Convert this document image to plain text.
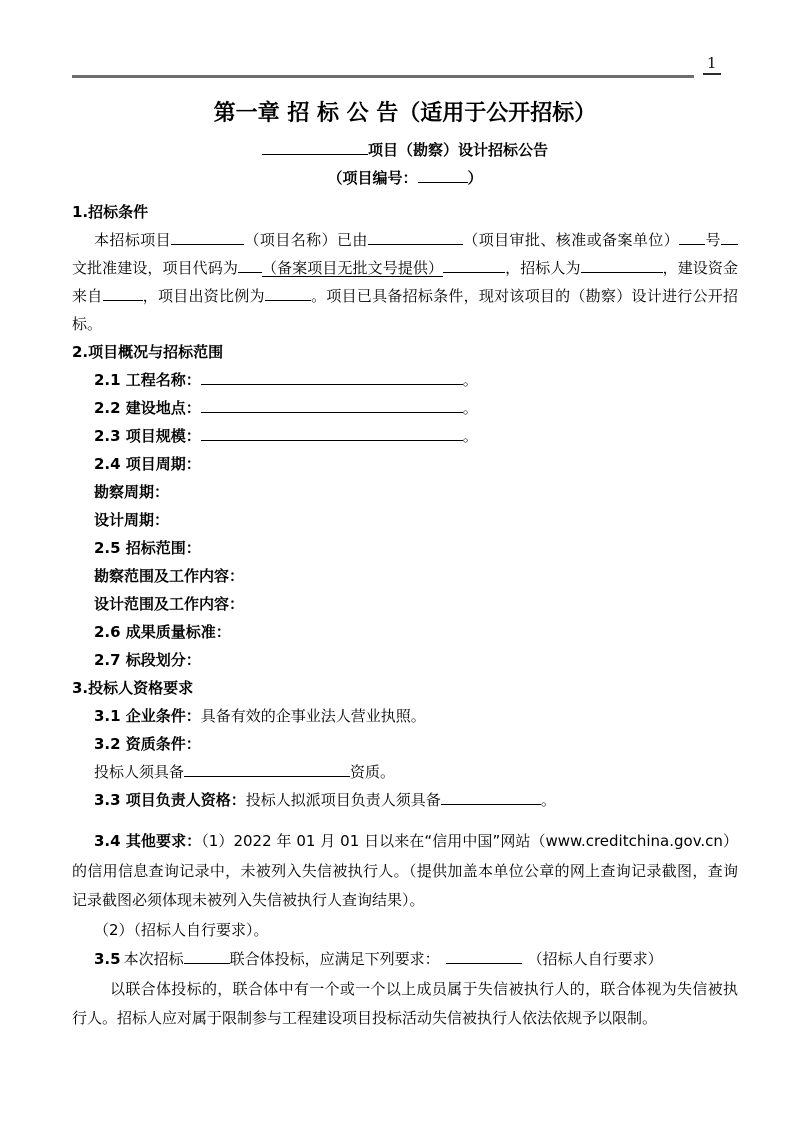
1
第一章 招 标 公 告（适用于公开招标）
项目（勘察）设计招标公告
（项目编号：	）
1.招标条件

本招标项目	（项目名称）已由	（项目审批、核准或备案单位） 号文批准建设，项目代码为 （备案项目无批文号提供）	，招标人为	，建设资金来自	，项目出资比例为	。项目已具备招标条件，现对该项目的（勘察）设计进行公开招标。

2.项目概况与招标范围
2.1 工程名称：	。
2.2 建设地点：	。
2.3 项目规模：	。
2.4 项目周期：
勘察周期：
设计周期：
2.5 招标范围：
勘察范围及工作内容：
设计范围及工作内容：
2.6 成果质量标准：
2.7 标段划分：
3.投标人资格要求
3.1 企业条件：具备有效的企事业法人营业执照。
3.2 资质条件：
投标人须具备	资质。
3.3 项目负责人资格：投标人拟派项目负责人须具备	。

3.4 其他要求：（1）2022 年 01 月 01 日以来在“信用中国”网站（www.creditchina.gov.cn）的信用信息查询记录中，未被列入失信被执行人。（提供加盖本单位公章的网上查询记录截图，查询记录截图必须体现未被列入失信被执行人查询结果）。

（2）（招标人自行要求）。
3.5  本次招标	联合体投标，应满足下列要求：	（招标人自行要求）

以联合体投标的，联合体中有一个或一个以上成员属于失信被执行人的，联合体视为失信被执行人。招标人应对属于限制参与工程建设项目投标活动失信被执行人依法依规予以限制。
